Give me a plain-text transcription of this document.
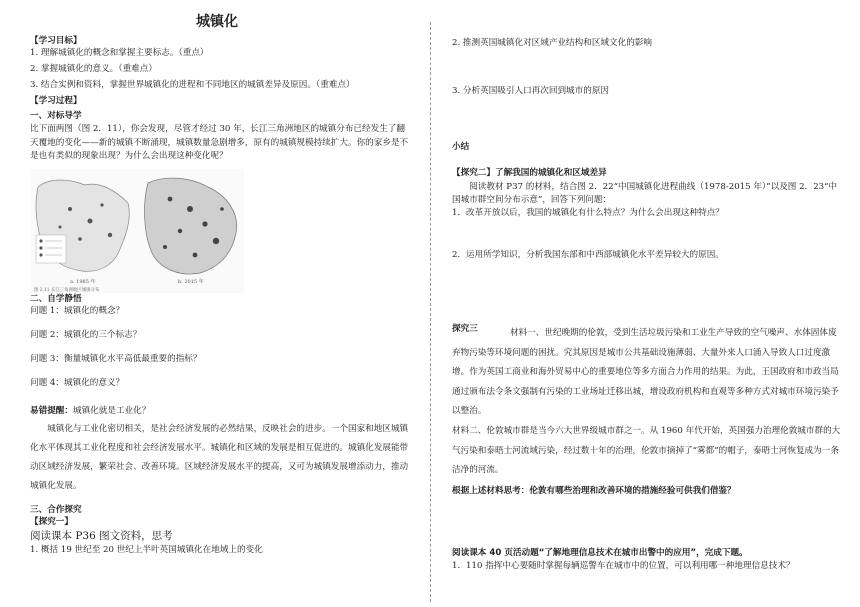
城镇化
【学习目标】
1. 理解城镇化的概念和掌握主要标志。（重点）
2. 掌握城镇化的意义。（重难点）
3. 结合实例和资料，掌握世界城镇化的进程和不同地区的城镇差异及原因。（重难点）
【学习过程】
一、对标导学
比下面两图（图 2．11），你会发现，尽管才经过 30 年，长江三角洲地区的城镇分布已经发生了翻天覆地的变化——新的城镇不断涌现，城镇数量急剧增多，原有的城镇规模持续扩大。你的家乡是不是也有类似的现象出现？为什么会出现这种变化呢？
a. 1985 年	b. 2015 年
图 2.11 长江三角洲地区城镇分布
二、自学静悟
问题 1：城镇化的概念？
问题 2：城镇化的三个标志？
问题 3：衡量城镇化水平高低最重要的指标？
问题 4：城镇化的意义？
易错提醒：城镇化就是工业化？
城镇化与工业化密切相关，是社会经济发展的必然结果，反映社会的进步。一个国家和地区城镇化水平体现其工业化程度和社会经济发展水平。城镇化和区域的发展是相互促进的。城镇化发展能带动区域经济发展，繁荣社会、改善环境。区域经济发展水平的提高，又可为城镇发展增添动力，推动城镇化发展。
三、合作探究
【探究一】
阅读课本 P36 图文资料，思考
1. 概括 19 世纪至 20 世纪上半叶英国城镇化在地域上的变化
2. 推测英国城镇化对区域产业结构和区域文化的影响
3. 分析英国吸引人口再次回到城市的原因
小结
【探究二】了解我国的城镇化和区域差异
阅读教材 P37 的材料，结合图 2．22“中国城镇化进程曲线（1978-2015 年）”以及图 2．23“中国城市群空间分布示意”，回答下列问题：
1．改革开放以后，我国的城镇化有什么特点？为什么会出现这种特点？
2．运用所学知识，分析我国东部和中西部城镇化水平差异较大的原因。
探究三	材料一、世纪晚期的伦敦，受到生活垃圾污染和工业生产导致的空气噪声、水体固体废弃物污染等环境问题的困扰。究其原因是城市公共基础设施薄弱、大量外来人口涌入导致人口过度激增。作为英国工商业和海外贸易中心的重要地位等多方面合力作用的结果。为此，王国政府和市政当局通过颁布法令条文强制有污染的工业场址迁移出城，增设政府机构和直观等多种方式对城市环境污染予以整治。
材料二、伦敦城市群是当今六大世界级城市群之一。从 1960 年代开始，英国强力治理伦敦城市群的大气污染和泰晤士河流域污染，经过数十年的治理，伦敦市摘掉了“雾都”的帽子，泰晤士河恢复成为一条洁净的河流。
根据上述材料思考：伦敦有哪些治理和改善环境的措施经验可供我们借鉴？
阅读课本 40 页活动题“了解地理信息技术在城市出警中的应用”，完成下题。
1．110 指挥中心要随时掌握每辆巡警车在城市中的位置，可以利用哪一种地理信息技术？
